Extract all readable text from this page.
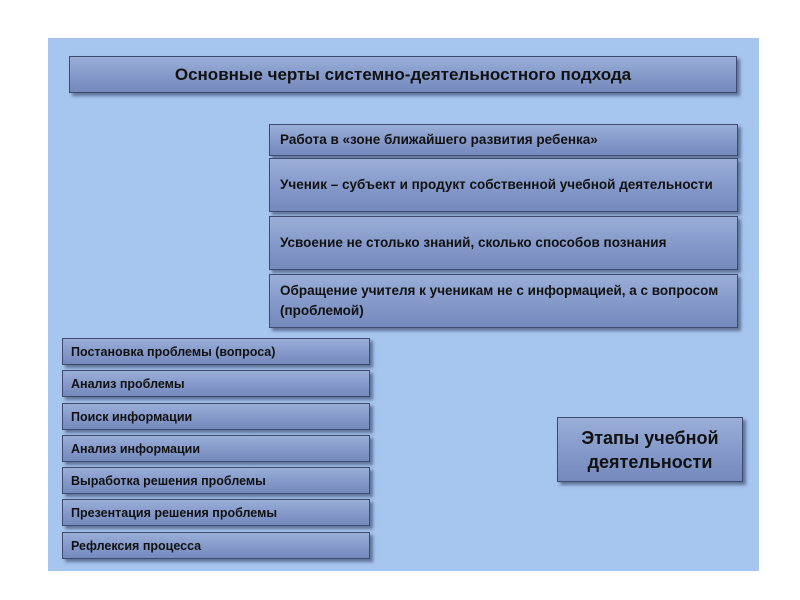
Основные черты системно-деятельностного подхода
Работа в «зоне ближайшего развития ребенка»
Ученик – субъект и продукт собственной учебной деятельности
Усвоение не столько знаний, сколько способов познания
Обращение учителя к ученикам не с информацией, а с вопросом (проблемой)
Постановка проблемы (вопроса)
Анализ проблемы
Поиск информации
Анализ информации
Выработка решения проблемы
Презентация решения проблемы
Рефлексия процесса
Этапы учебной деятельности
